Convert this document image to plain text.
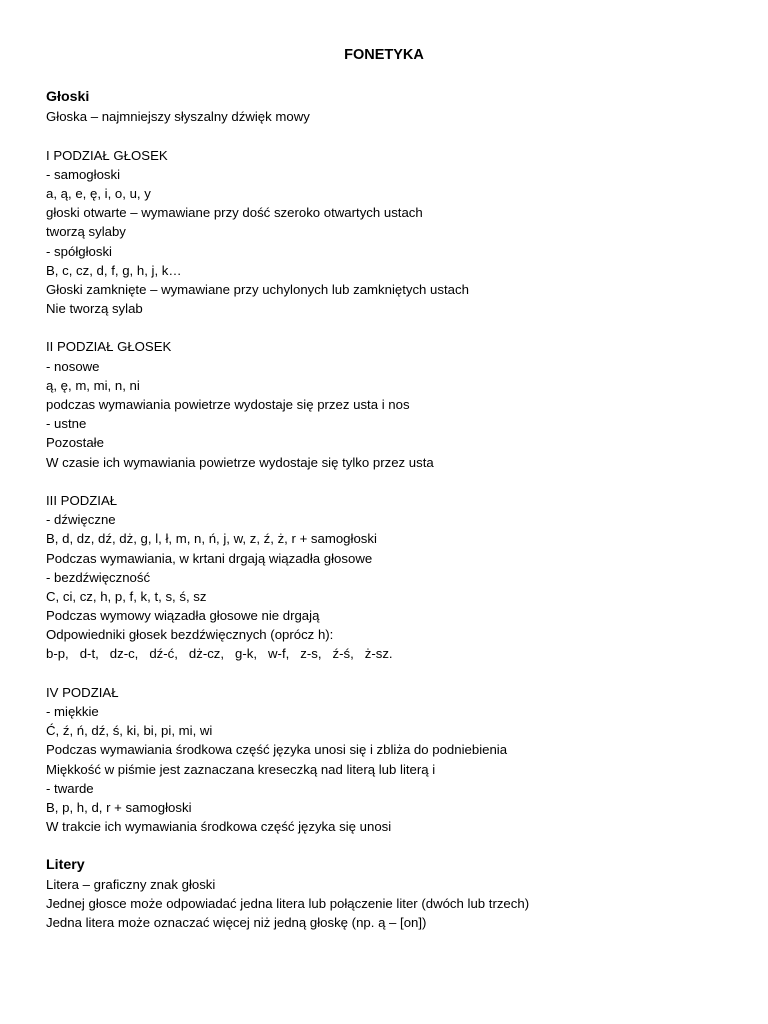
FONETYKA
Głoski
Głoska – najmniejszy słyszalny dźwięk mowy
I PODZIAŁ GŁOSEK
- samogłoski
a, ą, e, ę, i, o, u, y
głoski otwarte – wymawiane przy dość szeroko otwartych ustach
tworzą sylaby
- spółgłoski
B, c, cz, d, f, g, h, j, k…
Głoski zamknięte – wymawiane przy uchylonych lub zamkniętych ustach
Nie tworzą sylab
II PODZIAŁ GŁOSEK
- nosowe
ą, ę, m, mi, n, ni
podczas wymawiania powietrze wydostaje się przez usta i nos
- ustne
Pozostałe
W czasie ich wymawiania powietrze wydostaje się tylko przez usta
III PODZIAŁ
- dźwięczne
B, d, dz, dź, dż, g, l, ł, m, n, ń, j, w, z, ź, ż, r + samogłoski
Podczas wymawiania, w krtani drgają wiązadła głosowe
- bezdźwięczność
C, ci, cz, h, p, f, k, t, s, ś, sz
Podczas wymowy wiązadła głosowe nie drgają
Odpowiedniki głosek bezdźwięcznych (oprócz h):
b-p,   d-t,   dz-c,   dź-ć,   dż-cz,   g-k,   w-f,   z-s,   ź-ś,   ż-sz.
IV PODZIAŁ
- miękkie
Ć, ź, ń, dź, ś, ki, bi, pi, mi, wi
Podczas wymawiania środkowa część języka unosi się i zbliża do podniebienia
Miękkość w piśmie jest zaznaczana kreseczką nad literą lub literą i
- twarde
B, p, h, d, r + samogłoski
W trakcie ich wymawiania środkowa część języka się unosi
Litery
Litera – graficzny znak głoski
Jednej głosce może odpowiadać jedna litera lub połączenie liter (dwóch lub trzech)
Jedna litera może oznaczać więcej niż jedną głoskę (np. ą – [on])
